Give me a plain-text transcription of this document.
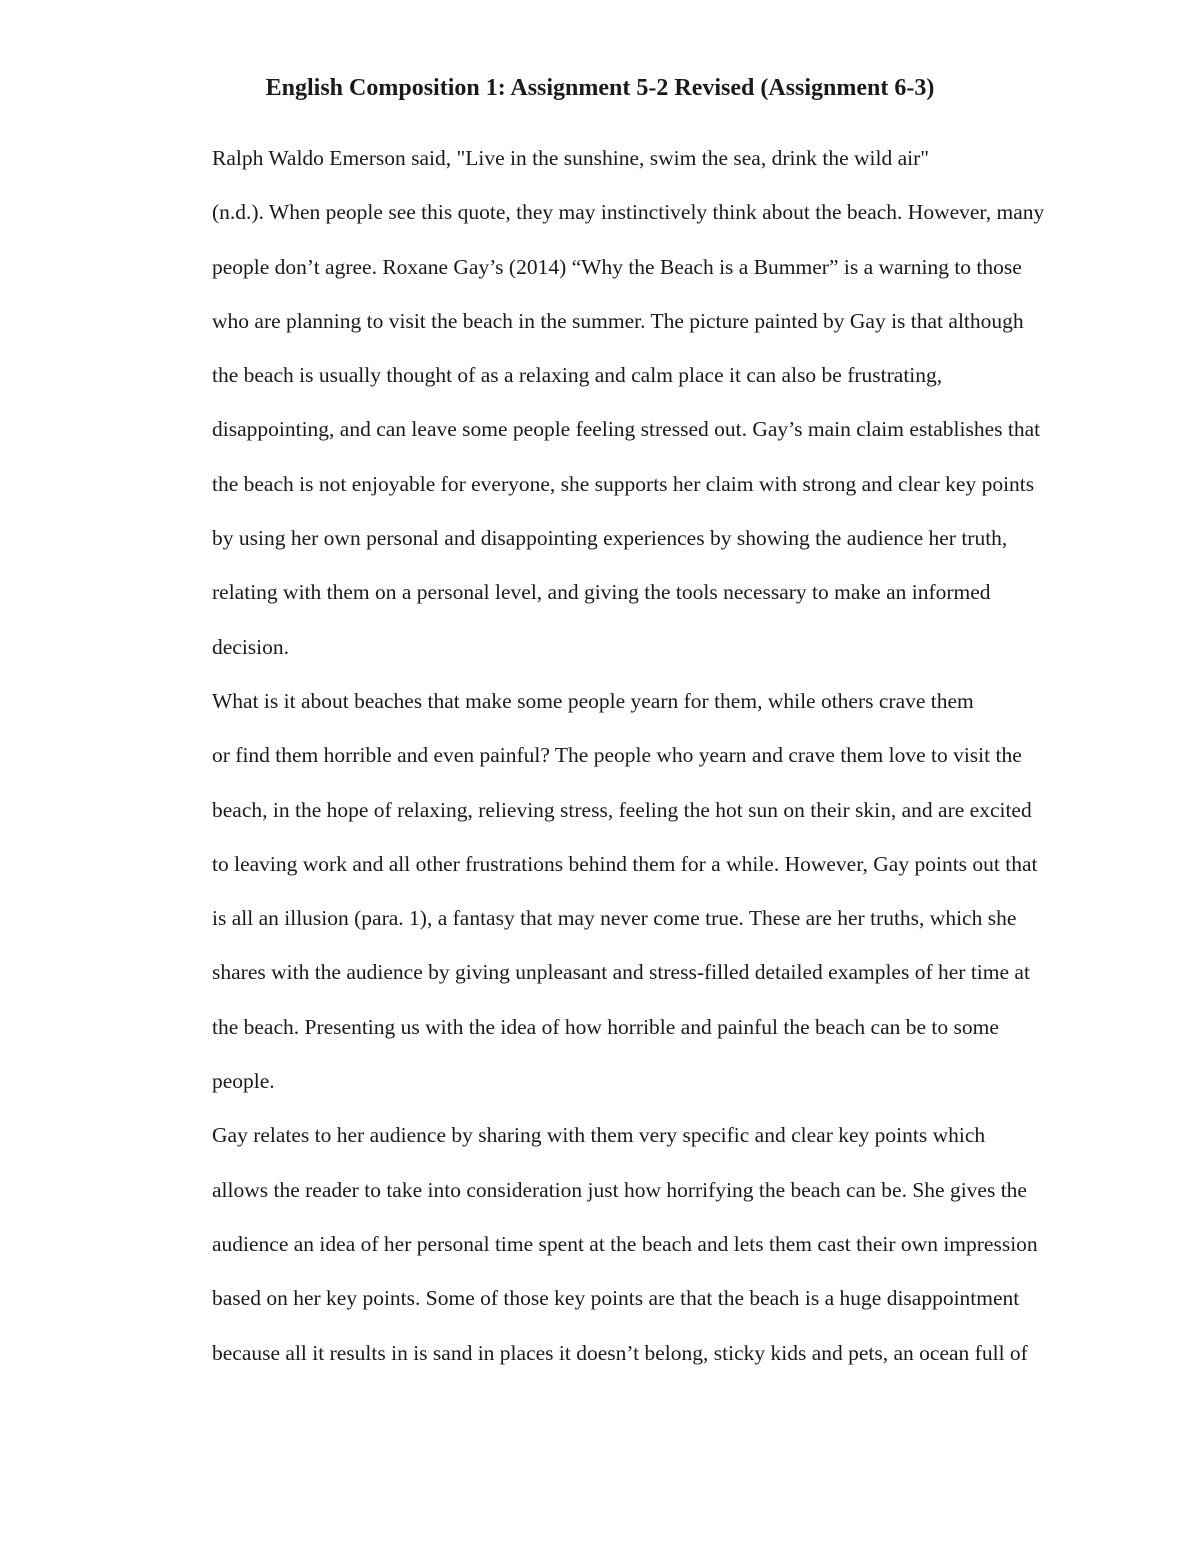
English Composition 1: Assignment 5-2 Revised (Assignment 6-3)

Ralph Waldo Emerson said, "Live in the sunshine, swim the sea, drink the wild air"
(n.d.). When people see this quote, they may instinctively think about the beach. However, many
people don’t agree. Roxane Gay’s (2014) “Why the Beach is a Bummer” is a warning to those
who are planning to visit the beach in the summer. The picture painted by Gay is that although
the beach is usually thought of as a relaxing and calm place it can also be frustrating,
disappointing, and can leave some people feeling stressed out. Gay’s main claim establishes that
the beach is not enjoyable for everyone, she supports her claim with strong and clear key points
by using her own personal and disappointing experiences by showing the audience her truth,
relating with them on a personal level, and giving the tools necessary to make an informed
decision.

What is it about beaches that make some people yearn for them, while others crave them
or find them horrible and even painful? The people who yearn and crave them love to visit the
beach, in the hope of relaxing, relieving stress, feeling the hot sun on their skin, and are excited
to leaving work and all other frustrations behind them for a while. However, Gay points out that
is all an illusion (para. 1), a fantasy that may never come true. These are her truths, which she
shares with the audience by giving unpleasant and stress-filled detailed examples of her time at
the beach. Presenting us with the idea of how horrible and painful the beach can be to some
people.

Gay relates to her audience by sharing with them very specific and clear key points which
allows the reader to take into consideration just how horrifying the beach can be. She gives the
audience an idea of her personal time spent at the beach and lets them cast their own impression
based on her key points. Some of those key points are that the beach is a huge disappointment
because all it results in is sand in places it doesn’t belong, sticky kids and pets, an ocean full of
